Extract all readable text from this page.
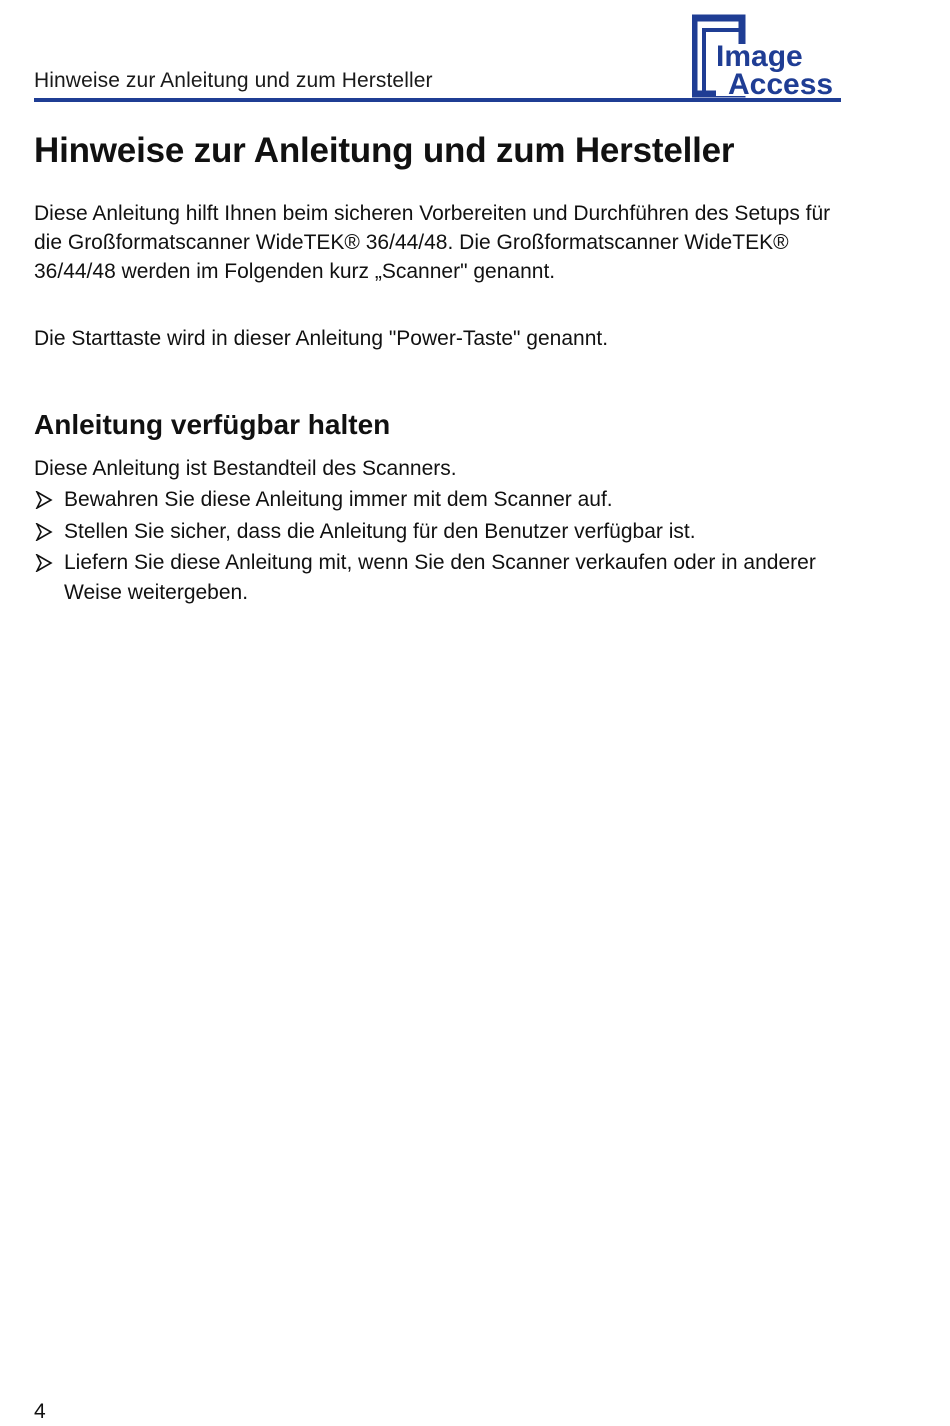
Hinweise zur Anleitung und zum Hersteller
Image
Access
Hinweise zur Anleitung und zum Hersteller

Diese Anleitung hilft Ihnen beim sicheren Vorbereiten und Durchführen des Setups für die Großformatscanner WideTEK® 36/44/48. Die Großformatscanner WideTEK® 36/44/48 werden im Folgenden kurz „Scanner" genannt.

Die Starttaste wird in dieser Anleitung "Power-Taste" genannt.

Anleitung verfügbar halten

Diese Anleitung ist Bestandteil des Scanners.

Bewahren Sie diese Anleitung immer mit dem Scanner auf.
Stellen Sie sicher, dass die Anleitung für den Benutzer verfügbar ist.
Liefern Sie diese Anleitung mit, wenn Sie den Scanner verkaufen oder in anderer Weise weitergeben.
4
